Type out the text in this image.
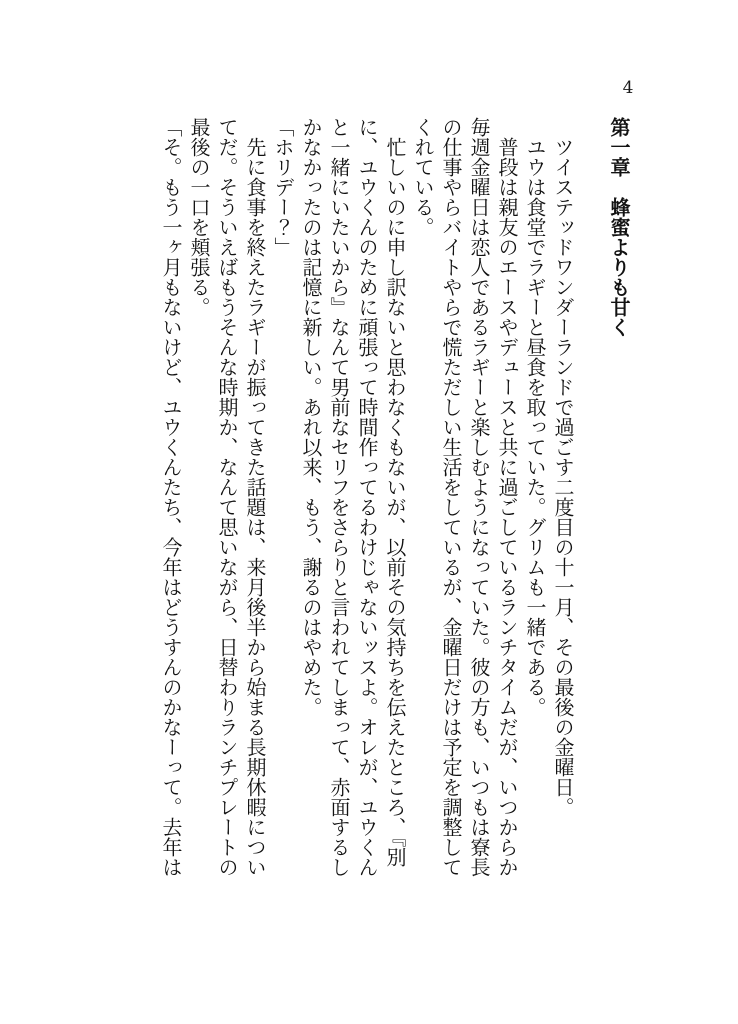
4
第一章　蜂蜜よりも甘く

ツイステッドワンダーランドで過ごす二度目の十一月、その最後の金曜日。

ユウは食堂でラギーと昼食を取っていた。グリムも一緒である。

普段は親友のエースやデュースと共に過ごしているランチタイムだが、いつからか毎週金曜日は恋人であるラギーと楽しむようになっていた。彼の方も、いつもは寮長の仕事やらバイトやらで慌ただしい生活をしているが、金曜日だけは予定を調整してくれている。

忙しいのに申し訳ないと思わなくもないが、以前その気持ちを伝えたところ、『別に、ユウくんのために頑張って時間作ってるわけじゃないッスよ。オレが、ユウくんと一緒にいたいから』なんて男前なセリフをさらりと言われてしまって、赤面するしかなかったのは記憶に新しい。あれ以来、もう、謝るのはやめた。

「ホリデー？」

先に食事を終えたラギーが振ってきた話題は、来月後半から始まる長期休暇についてだ。そういえばもうそんな時期か、なんて思いながら、日替わりランチプレートの最後の一口を頬張る。

「そ。もう一ヶ月もないけど、ユウくんたち、今年はどうすんのかなーって。去年は
